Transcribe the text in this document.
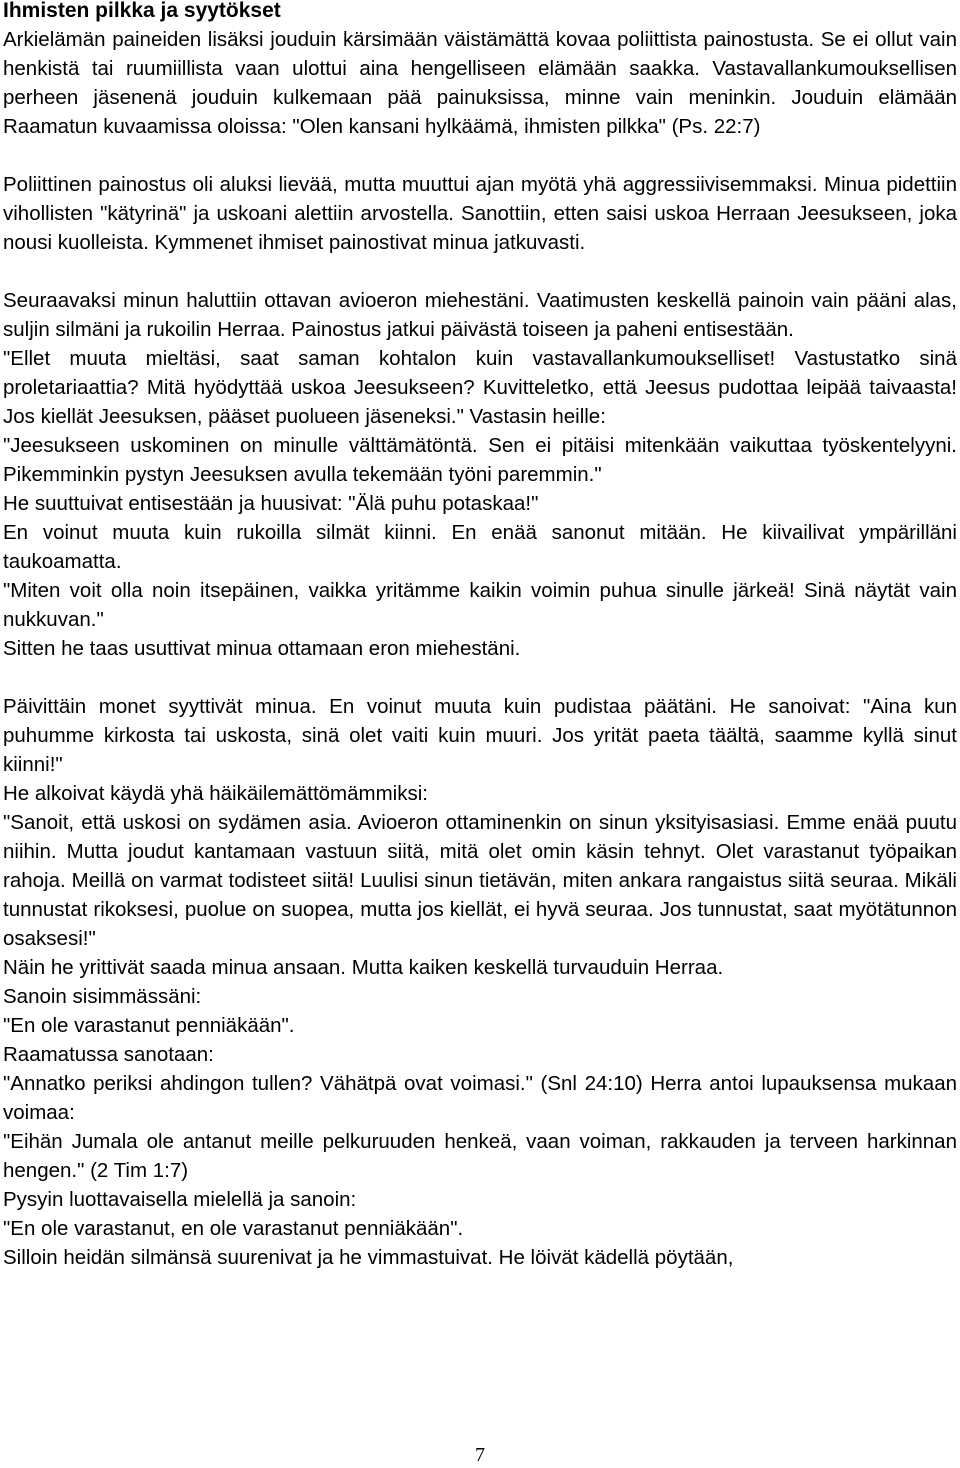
Ihmisten pilkka ja syytökset

Arkielämän paineiden lisäksi jouduin kärsimään väistämättä kovaa poliittista painostusta. Se ei ollut vain henkistä tai ruumiillista vaan ulottui aina hengelliseen elämään saakka. Vastavallankumouksellisen perheen jäsenenä jouduin kulkemaan pää painuksissa, minne vain meninkin. Jouduin elämään Raamatun kuvaamissa oloissa: "Olen kansani hylkäämä, ihmisten pilkka" (Ps. 22:7)

Poliittinen painostus oli aluksi lievää, mutta muuttui ajan myötä yhä aggressiivisemmaksi. Minua pidettiin vihollisten "kätyrinä" ja uskoani alettiin arvostella. Sanottiin, etten saisi uskoa Herraan Jeesukseen, joka nousi kuolleista. Kymmenet ihmiset painostivat minua jatkuvasti.

Seuraavaksi minun haluttiin ottavan avioeron miehestäni. Vaatimusten keskellä painoin vain pääni alas, suljin silmäni ja rukoilin Herraa. Painostus jatkui päivästä toiseen ja paheni entisestään.

"Ellet muuta mieltäsi, saat saman kohtalon kuin vastavallankumoukselliset! Vastustatko sinä proletariaattia? Mitä hyödyttää uskoa Jeesukseen? Kuvitteletko, että Jeesus pudottaa leipää taivaasta! Jos kiellät Jeesuksen, pääset puolueen jäseneksi." Vastasin heille:

"Jeesukseen uskominen on minulle välttämätöntä. Sen ei pitäisi mitenkään vaikuttaa työskentelyyni. Pikemminkin pystyn Jeesuksen avulla tekemään työni paremmin."

He suuttuivat entisestään ja huusivat: "Älä puhu potaskaa!"

En voinut muuta kuin rukoilla silmät kiinni. En enää sanonut mitään. He kiivailivat ympärilläni taukoamatta.

"Miten voit olla noin itsepäinen, vaikka yritämme kaikin voimin puhua sinulle järkeä! Sinä näytät vain nukkuvan."

Sitten he taas usuttivat minua ottamaan eron miehestäni.

Päivittäin monet syyttivät minua. En voinut muuta kuin pudistaa päätäni. He sanoivat: "Aina kun puhumme kirkosta tai uskosta, sinä olet vaiti kuin muuri. Jos yrität paeta täältä, saamme kyllä sinut kiinni!"

He alkoivat käydä yhä häikäilemättömämmiksi:

"Sanoit, että uskosi on sydämen asia. Avioeron ottaminenkin on sinun yksityisasiasi. Emme enää puutu niihin. Mutta joudut kantamaan vastuun siitä, mitä olet omin käsin tehnyt. Olet varastanut työpaikan rahoja. Meillä on varmat todisteet siitä! Luulisi sinun tietävän, miten ankara rangaistus siitä seuraa. Mikäli tunnustat rikoksesi, puolue on suopea, mutta jos kiellät, ei hyvä seuraa. Jos tunnustat, saat myötätunnon osaksesi!"

Näin he yrittivät saada minua ansaan. Mutta kaiken keskellä turvauduin Herraa.

Sanoin sisimmässäni:

"En ole varastanut penniäkään".

Raamatussa sanotaan:

"Annatko periksi ahdingon tullen? Vähätpä ovat voimasi." (Snl 24:10) Herra antoi lupauksensa mukaan voimaa:

"Eihän Jumala ole antanut meille pelkuruuden henkeä, vaan voiman, rakkauden ja terveen harkinnan hengen." (2 Tim 1:7)

Pysyin luottavaisella mielellä ja sanoin:

"En ole varastanut, en ole varastanut penniäkään".

Silloin heidän silmänsä suurenivat ja he vimmastuivat. He löivät kädellä pöytään,

7
